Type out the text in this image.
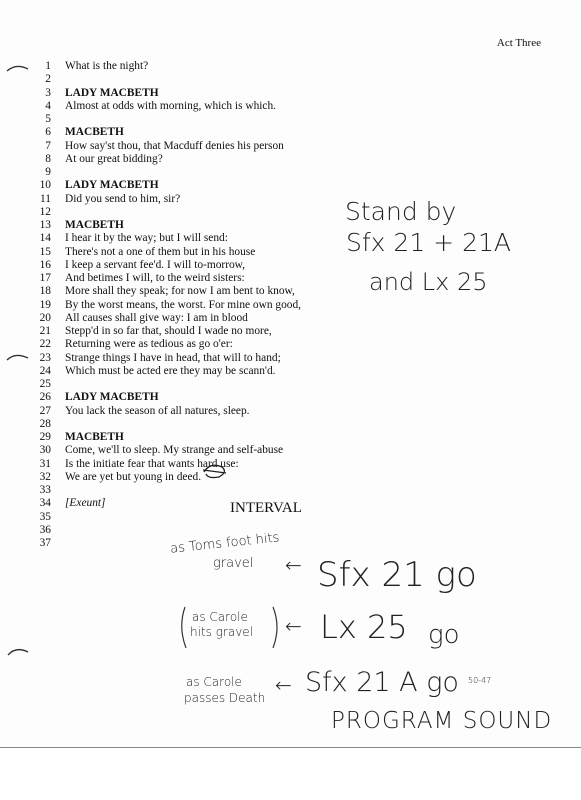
Act Three
1 What is the night?
2
3 LADY MACBETH
4 Almost at odds with morning, which is which.
5
6 MACBETH
7 How say'st thou, that Macduff denies his person
8 At our great bidding?
9
10 LADY MACBETH
11 Did you send to him, sir?
12
13 MACBETH
14 I hear it by the way; but I will send:
15 There's not a one of them but in his house
16 I keep a servant fee'd. I will to-morrow,
17 And betimes I will, to the weird sisters:
18 More shall they speak; for now I am bent to know,
19 By the worst means, the worst. For mine own good,
20 All causes shall give way: I am in blood
21 Stepp'd in so far that, should I wade no more,
22 Returning were as tedious as go o'er:
23 Strange things I have in head, that will to hand;
24 Which must be acted ere they may be scann'd.
25
26 LADY MACBETH
27 You lack the season of all natures, sleep.
28
29 MACBETH
30 Come, we'll to sleep. My strange and self-abuse
31 Is the initiate fear that wants hard use:
32 We are yet but young in deed.
33
34 [Exeunt]
35
36
37
INTERVAL
Stand by
Sfx 21 + 21A
and Lx 25
as Toms foot hits
gravel ← Sfx 21 go
as Carole
hits gravel ← Lx 25 go
as Carole
passes Death
← Sfx 21 A go 50-47
PROGRAM SOUND
